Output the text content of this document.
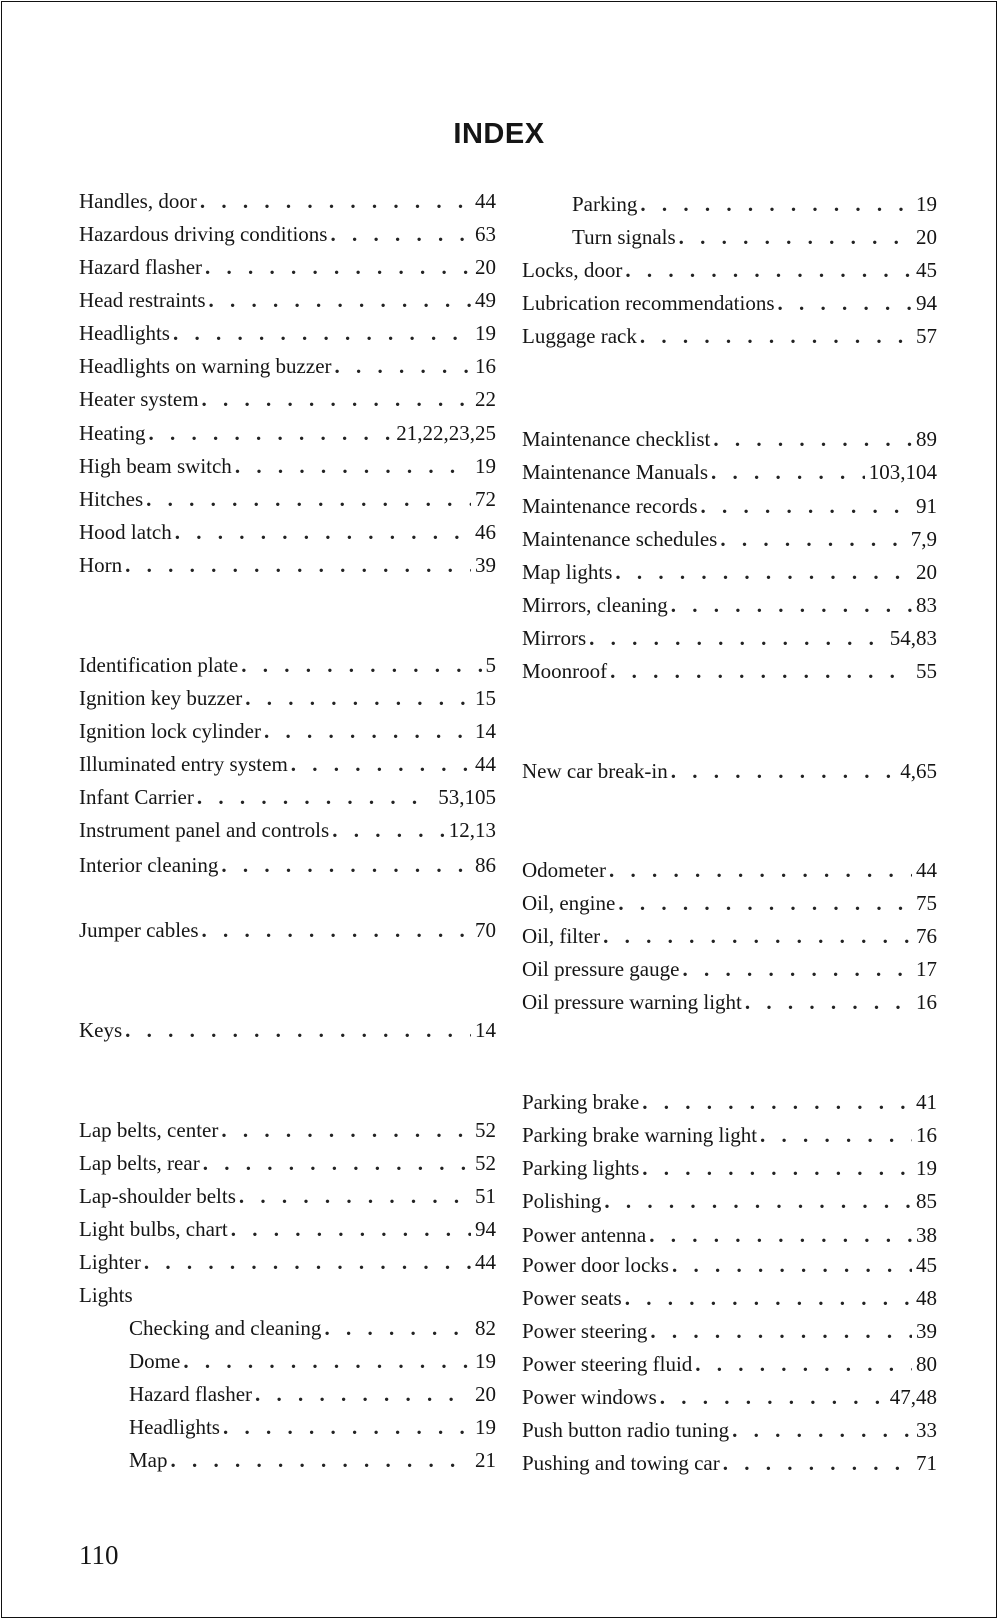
INDEX
Handles, door . . .	44
Hazardous driving conditions . . .	63
Hazard flasher . . .	20
Head restraints . . .	49
Headlights . . .	19
Headlights on warning buzzer . . .	16
Heater system . . .	22
Heating . . .	21,22,23,25
High beam switch . . .	19
Hitches . . .	72
Hood latch . . .	46
Horn . . .	39
Identification plate . . .	5
Ignition key buzzer . . .	15
Ignition lock cylinder . . .	14
Illuminated entry system . . .	44
Infant Carrier . . .	53,105
Instrument panel and controls . . .	12,13
Interior cleaning . . .	86
Jumper cables . . .	70
Keys . . .	14
Lap belts, center . . .	52
Lap belts, rear . . .	52
Lap-shoulder belts . . .	51
Light bulbs, chart . . .	94
Lighter . . .	44
Lights
Checking and cleaning . . .	82
Dome . . .	19
Hazard flasher . . .	20
Headlights . . .	19
Map . . .	21
Parking . . .	19
Turn signals . . .	20
Locks, door . . .	45
Lubrication recommendations . . .	94
Luggage rack . . .	57
Maintenance checklist . . .	89
Maintenance Manuals . . .	103,104
Maintenance records . . .	91
Maintenance schedules . . .	7,9
Map lights . . .	20
Mirrors, cleaning . . .	83
Mirrors . . .	54,83
Moonroof . . .	55
New car break-in . . .	4,65
Odometer . . .	44
Oil, engine . . .	75
Oil, filter . . .	76
Oil pressure gauge . . .	17
Oil pressure warning light . . .	16
Parking brake . . .	41
Parking brake warning light . . .	16
Parking lights . . .	19
Polishing . . .	85
Power antenna . . .	38
Power door locks . . .	45
Power seats . . .	48
Power steering . . .	39
Power steering fluid . . .	80
Power windows . . .	47,48
Push button radio tuning . . .	33
Pushing and towing car . . .	71
110
